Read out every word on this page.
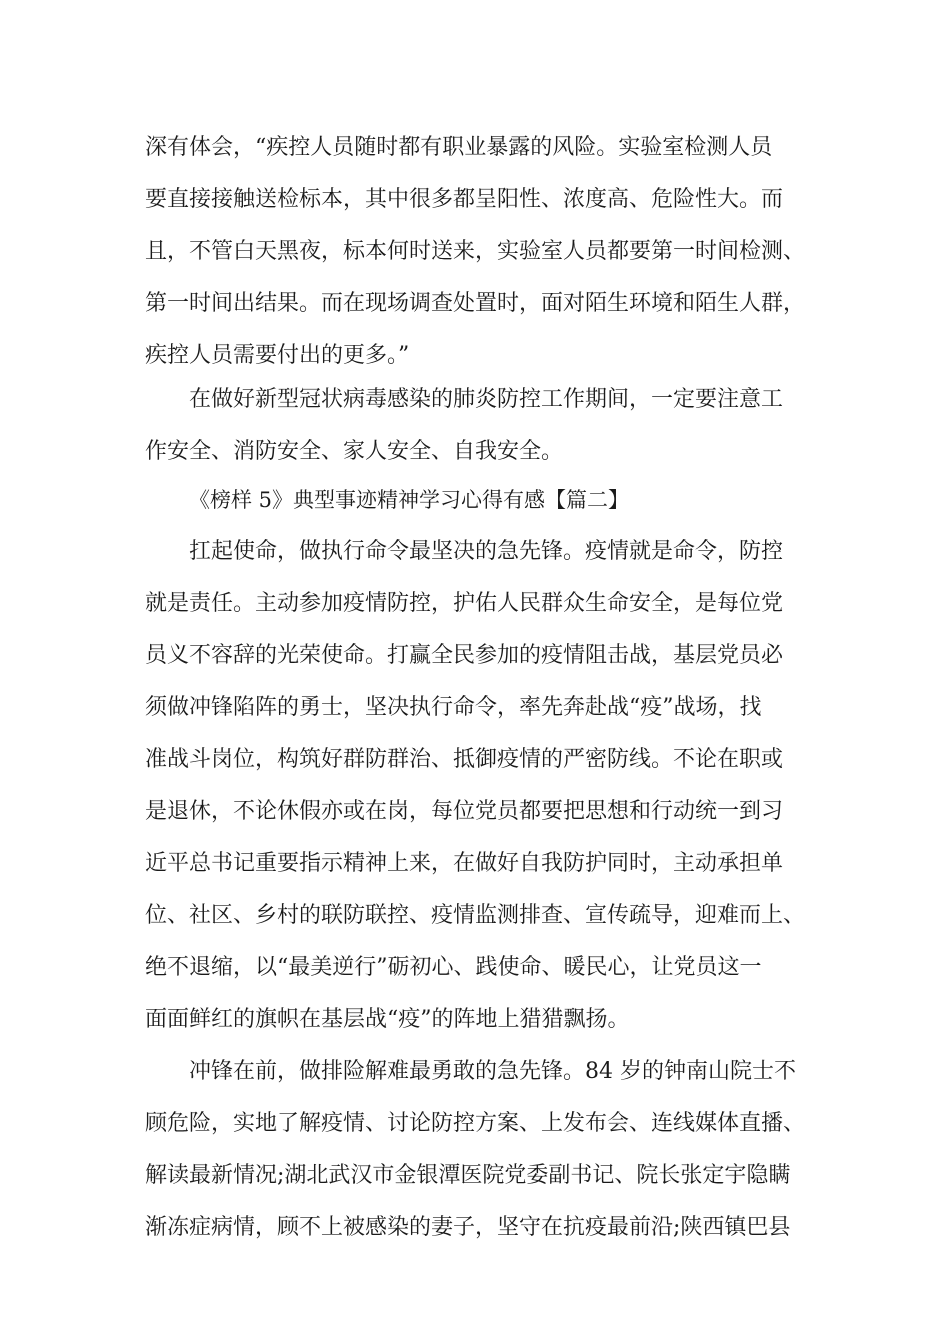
深有体会，“疾控人员随时都有职业暴露的风险。实验室检测人员
要直接接触送检标本，其中很多都呈阳性、浓度高、危险性大。而
且，不管白天黑夜，标本何时送来，实验室人员都要第一时间检测、
第一时间出结果。而在现场调查处置时，面对陌生环境和陌生人群，
疾控人员需要付出的更多。”
在做好新型冠状病毒感染的肺炎防控工作期间，一定要注意工
作安全、消防安全、家人安全、自我安全。
《榜样 5》典型事迹精神学习心得有感【篇二】
扛起使命，做执行命令最坚决的急先锋。疫情就是命令，防控
就是责任。主动参加疫情防控，护佑人民群众生命安全，是每位党
员义不容辞的光荣使命。打赢全民参加的疫情阻击战，基层党员必
须做冲锋陷阵的勇士，坚决执行命令，率先奔赴战“疫”战场，找
准战斗岗位，构筑好群防群治、抵御疫情的严密防线。不论在职或
是退休，不论休假亦或在岗，每位党员都要把思想和行动统一到习
近平总书记重要指示精神上来，在做好自我防护同时，主动承担单
位、社区、乡村的联防联控、疫情监测排查、宣传疏导，迎难而上、
绝不退缩，以“最美逆行”砺初心、践使命、暖民心，让党员这一
面面鲜红的旗帜在基层战“疫”的阵地上猎猎飘扬。
冲锋在前，做排险解难最勇敢的急先锋。84 岁的钟南山院士不
顾危险，实地了解疫情、讨论防控方案、上发布会、连线媒体直播、
解读最新情况;湖北武汉市金银潭医院党委副书记、院长张定宇隐瞒
渐冻症病情，顾不上被感染的妻子，坚守在抗疫最前沿;陕西镇巴县
